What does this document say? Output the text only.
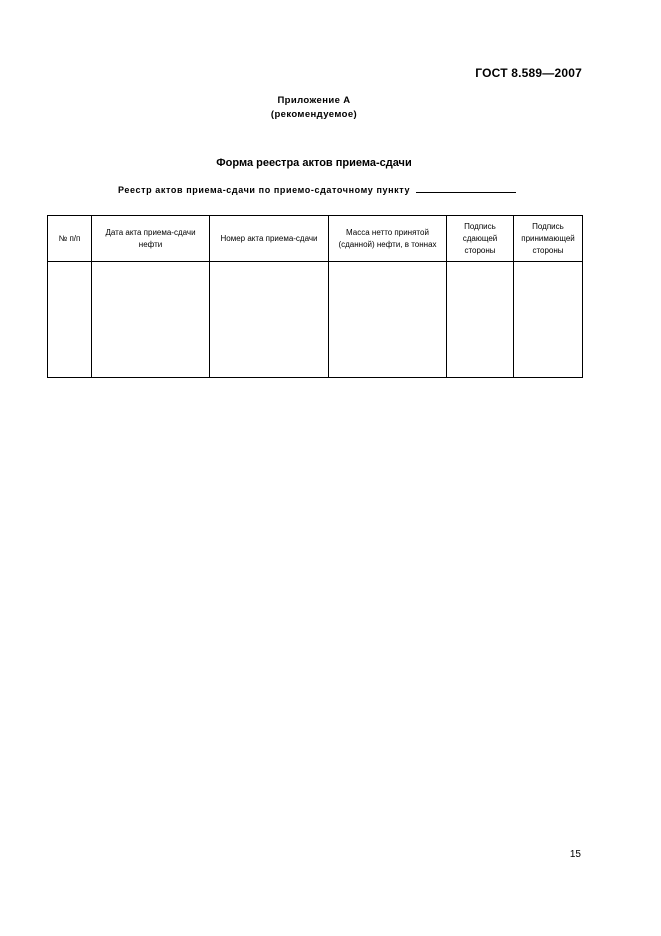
ГОСТ 8.589—2007
Приложение А
(рекомендуемое)
Форма реестра актов приема-сдачи
Реестр актов приема-сдачи по приемо-сдаточному пункту
№ п/п	Дата акта приема-сдачи нефти	Номер акта приема-сдачи	Масса нетто принятой (сданной) нефти, в тоннах	Подпись сдающей стороны	Подпись принимающей стороны

15
